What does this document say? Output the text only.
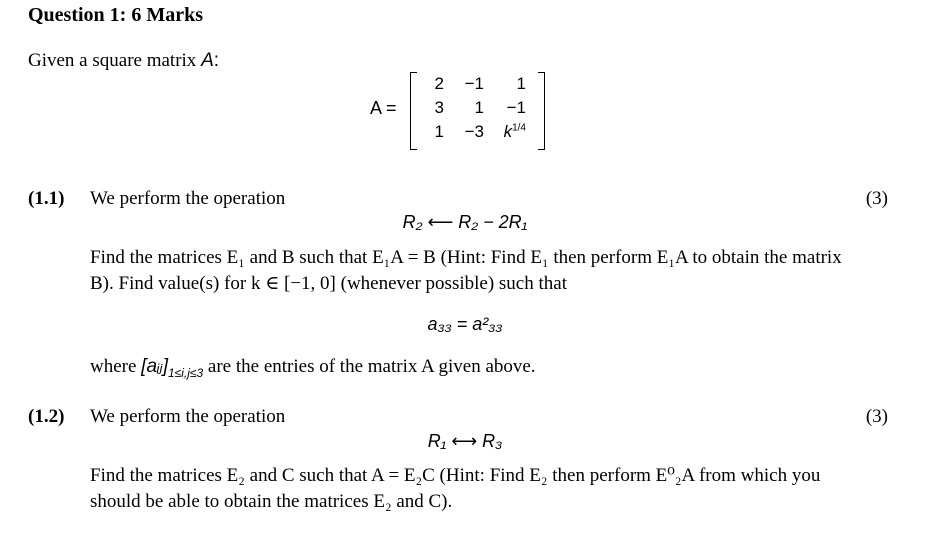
Question 1: 6 Marks
Given a square matrix A:
A =
2	−1	1
3	1	−1
1	−3	$k^{1/4}$
(1.1) We perform the operation	(3)
R₂ ⟵ R₂ − 2R₁
Find the matrices E₁ and B such that E₁A = B (Hint: Find E₁ then perform E₁A to obtain the matrix B). Find value(s) for k ∈ [−1, 0] (whenever possible) such that
a₃₃ = a²₃₃
where $[aᵢⱼ]_{1\le i,j\le 3}$ are the entries of the matrix A given above.
(1.2) We perform the operation	(3)
R₁ ⟷ R₃
Find the matrices E₂ and C such that A = E₂C (Hint: Find E₂ then perform E⁰₂A from which you should be able to obtain the matrices E₂ and C).
